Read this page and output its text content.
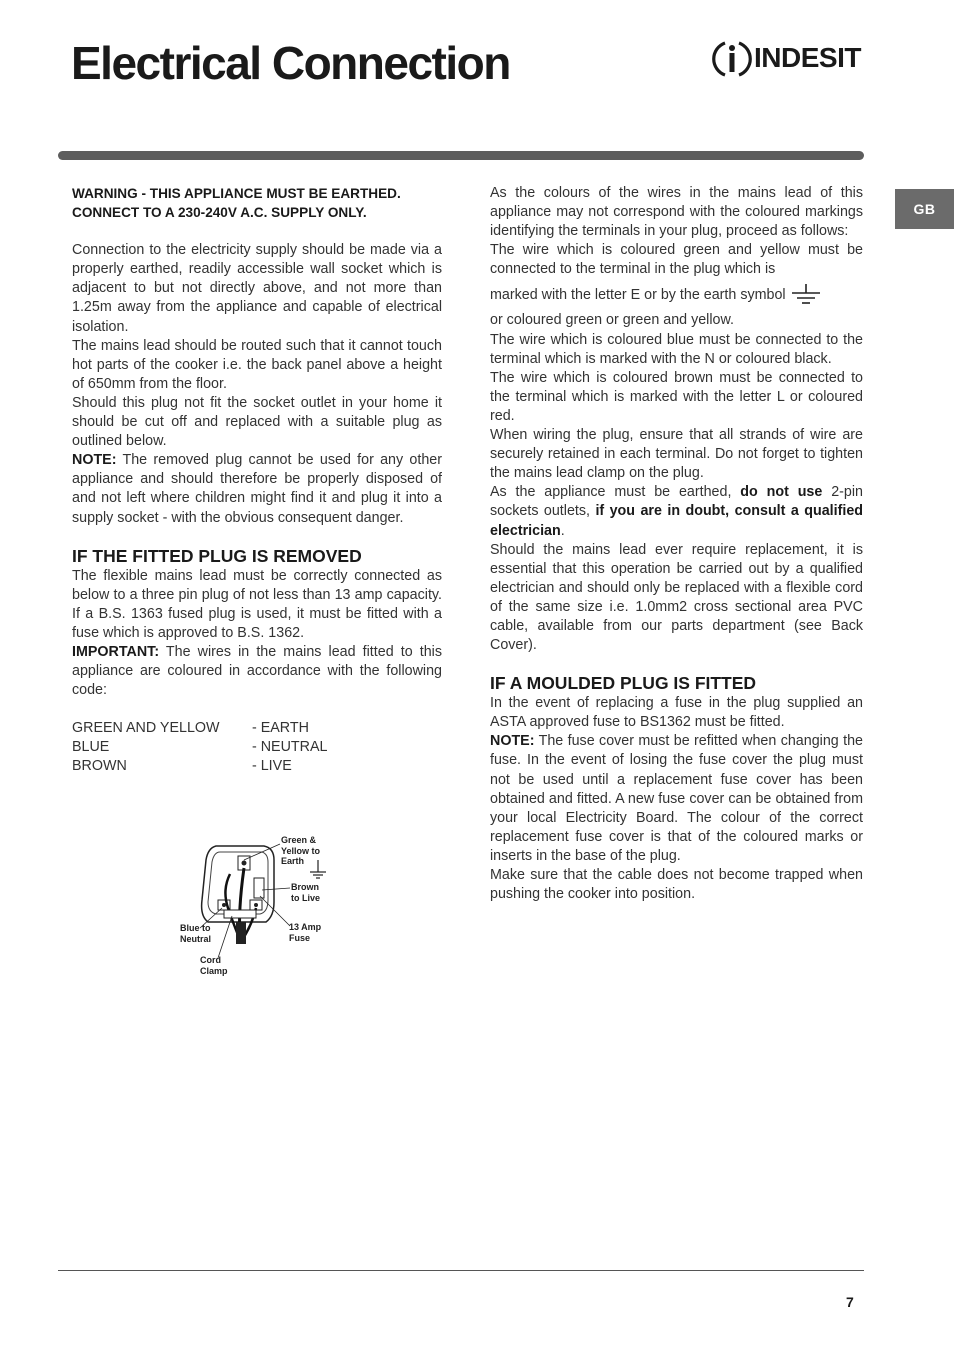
Electrical Connection	INDESIT
GB

WARNING - THIS APPLIANCE MUST BE EARTHED.
CONNECT TO A 230-240V A.C. SUPPLY ONLY.

Connection to the electricity supply should be made via a properly earthed, readily accessible wall socket which is adjacent to but not directly above, and not more than 1.25m away from the appliance and capable of electrical isolation.

The mains lead should be routed such that it cannot touch hot parts of the cooker i.e. the back panel above a height of 650mm from the floor.

Should this plug not fit the socket outlet in your home it should be cut off and replaced with a suitable plug as outlined below.

NOTE: The removed plug cannot be used for any other appliance and should therefore be properly disposed of and not left where children might find it and plug it into a supply socket - with the obvious consequent danger.

IF THE FITTED PLUG IS REMOVED

The flexible mains lead must be correctly connected as below to a three pin plug of not less than 13 amp capacity. If a B.S. 1363 fused plug is used, it must be fitted with a fuse which is approved to B.S. 1362.

IMPORTANT: The wires in the mains lead fitted to this appliance are coloured in accordance with the following code:

GREEN AND YELLOW	- EARTH
BLUE	- NEUTRAL
BROWN	- LIVE
Green &
Yellow to
Earth
Brown
to Live
Blue to
Neutral
13 Amp
Fuse
Cord
Clamp

As the colours of the wires in the mains lead of this appliance may not correspond with the coloured markings identifying the terminals in your plug, proceed as follows:

The wire which is coloured green and yellow must be connected to the terminal in the plug which is

marked with the letter E or by the earth symbol

or coloured green or green and yellow.

The wire which is coloured blue must be connected to the terminal which is marked with the N or coloured black.

The wire which is coloured brown must be connected to the terminal which is marked with the letter L or coloured red.

When wiring the plug, ensure that all strands of wire are securely retained in each terminal. Do not forget to tighten the mains lead clamp on the plug.

As the appliance must be earthed, do not use 2-pin sockets outlets, if you are in doubt, consult a qualified electrician.

Should the mains lead ever require replacement, it is essential that this operation be carried out by a qualified electrician and should only be replaced with a flexible cord of the same size i.e. 1.0mm2 cross sectional area PVC cable, available from our parts department (see Back Cover).

IF A MOULDED PLUG IS FITTED

In the event of replacing a fuse in the plug supplied an ASTA approved fuse to BS1362 must be fitted.

NOTE: The fuse cover must be refitted when changing the fuse. In the event of losing the fuse cover the plug must not be used until a replacement fuse cover has been obtained and fitted. A new fuse cover can be obtained from your local Electricity Board. The colour of the correct replacement fuse cover is that of the coloured marks or inserts in the base of the plug.

Make sure that the cable does not become trapped when pushing the cooker into position.

7
